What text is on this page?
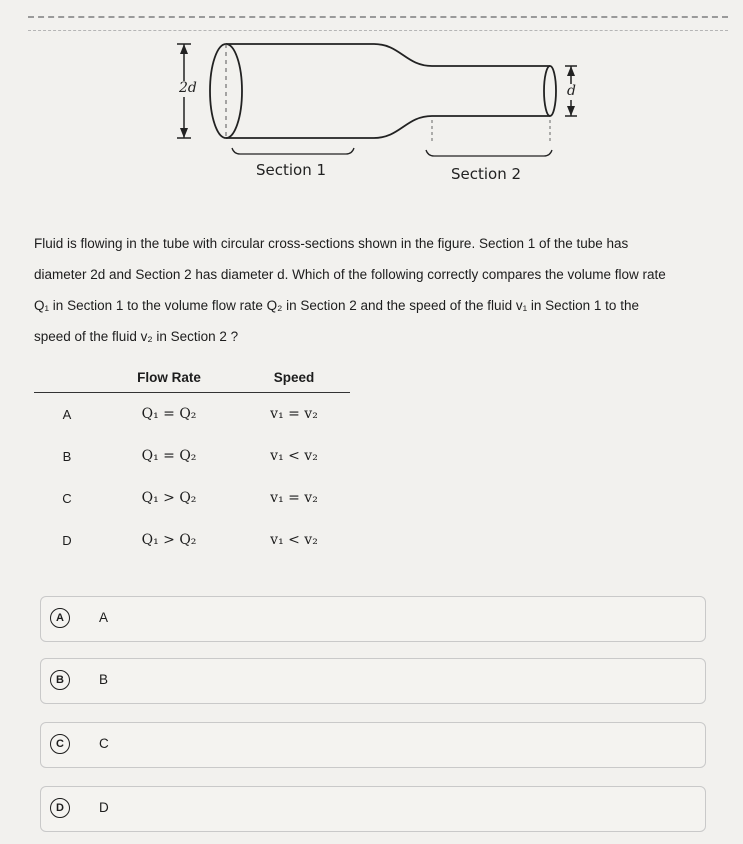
2d	d
Section 1	Section 2
Fluid is flowing in the tube with circular cross-sections shown in the figure. Section 1 of the tube has
diameter 2d and Section 2 has diameter d. Which of the following correctly compares the volume flow rate
Q₁ in Section 1 to the volume flow rate Q₂ in Section 2 and the speed of the fluid v₁ in Section 1 to the
speed of the fluid v₂ in Section 2 ?
	Flow Rate	Speed
A	Q₁ = Q₂	v₁ = v₂
B	Q₁ = Q₂	v₁ < v₂
C	Q₁ > Q₂	v₁ = v₂
D	Q₁ > Q₂	v₁ < v₂
A	A
B	B
C	C
D	D
